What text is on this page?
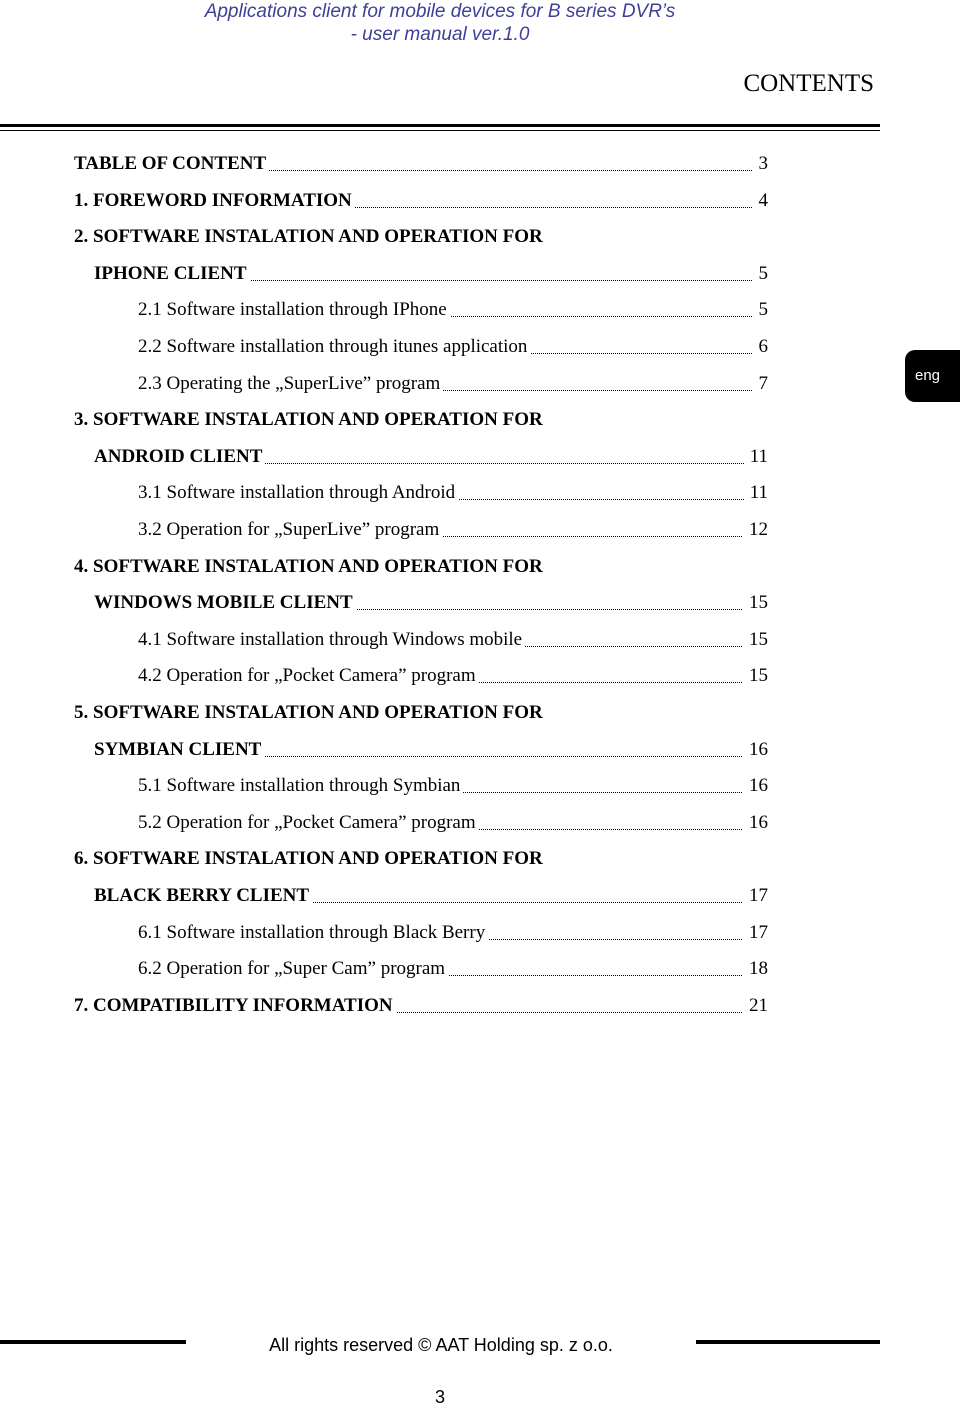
Applications client for mobile devices for B series DVR’s
- user manual ver.1.0
CONTENTS
TABLE OF CONTENT	3
1. FOREWORD INFORMATION	4
2. SOFTWARE INSTALATION AND OPERATION FOR
IPHONE CLIENT	5
2.1 Software installation through IPhone	5
2.2 Software installation through itunes application	6
2.3 Operating the „SuperLive” program	7
3. SOFTWARE INSTALATION AND OPERATION FOR
ANDROID CLIENT	11
3.1 Software installation through Android	11
3.2 Operation for „SuperLive” program	12
4. SOFTWARE INSTALATION AND OPERATION FOR
WINDOWS MOBILE CLIENT	15
4.1 Software installation through Windows mobile	15
4.2 Operation for „Pocket Camera” program	15
5. SOFTWARE INSTALATION AND OPERATION FOR
SYMBIAN CLIENT	16
5.1 Software installation through Symbian	16
5.2 Operation for „Pocket Camera” program	16
6. SOFTWARE INSTALATION AND OPERATION FOR
BLACK BERRY CLIENT	17
6.1 Software installation through Black Berry	17
6.2 Operation for „Super Cam” program	18
7. COMPATIBILITY INFORMATION	21
eng
All rights reserved © AAT Holding sp. z o.o.
3
